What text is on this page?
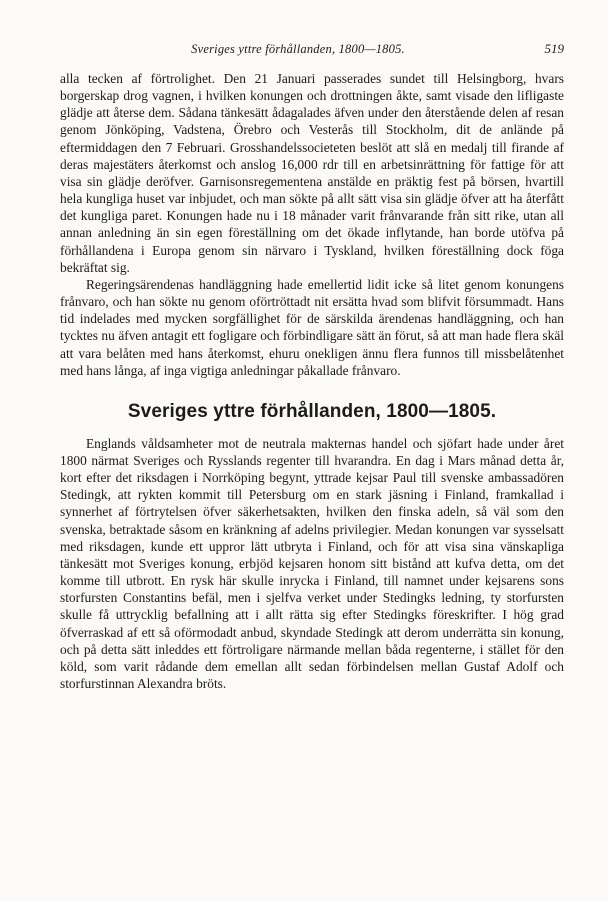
Sveriges yttre förhållanden, 1800—1805.	519

alla tecken af förtrolighet. Den 21 Januari passerades sundet till Helsingborg, hvars borgerskap drog vagnen, i hvilken konungen och drottningen åkte, samt visade den lifligaste glädje att återse dem. Sådana tänkesätt ådagalades äfven under den återstående delen af resan genom Jönköping, Vadstena, Örebro och Vesterås till Stockholm, dit de anlände på eftermiddagen den 7 Februari. Grosshandelssocieteten beslöt att slå en medalj till firande af deras majestäters återkomst och anslog 16,000 rdr till en arbetsinrättning för fattige för att visa sin glädje deröfver. Garnisonsregementena anstälde en präktig fest på börsen, hvartill hela kungliga huset var inbjudet, och man sökte på allt sätt visa sin glädje öfver att ha återfått det kungliga paret. Konungen hade nu i 18 månader varit frånvarande från sitt rike, utan all annan anledning än sin egen föreställning om det ökade inflytande, han borde utöfva på förhållandena i Europa genom sin närvaro i Tyskland, hvilken föreställning dock föga bekräftat sig.

Regeringsärendenas handläggning hade emellertid lidit icke så litet genom konungens frånvaro, och han sökte nu genom oförtröttadt nit ersätta hvad som blifvit försummadt. Hans tid indelades med mycken sorgfällighet för de särskilda ärendenas handläggning, och han tycktes nu äfven antagit ett fogligare och förbindligare sätt än förut, så att man hade flera skäl att vara belåten med hans återkomst, ehuru onekligen ännu flera funnos till missbelåtenhet med hans långa, af inga vigtiga anledningar påkallade frånvaro.

Sveriges yttre förhållanden, 1800—1805.

Englands våldsamheter mot de neutrala makternas handel och sjöfart hade under året 1800 närmat Sveriges och Rysslands regenter till hvarandra. En dag i Mars månad detta år, kort efter det riksdagen i Norrköping begynt, yttrade kejsar Paul till svenske ambassadören Stedingk, att rykten kommit till Petersburg om en stark jäsning i Finland, framkallad i synnerhet af förtrytelsen öfver säkerhetsakten, hvilken den finska adeln, så väl som den svenska, betraktade såsom en kränkning af adelns privilegier. Medan konungen var sysselsatt med riksdagen, kunde ett uppror lätt utbryta i Finland, och för att visa sina vänskapliga tänkesätt mot Sveriges konung, erbjöd kejsaren honom sitt bistånd att kufva detta, om det komme till utbrott. En rysk här skulle inrycka i Finland, till namnet under kejsarens sons storfursten Constantins befäl, men i sjelfva verket under Stedingks ledning, ty storfursten skulle få uttrycklig befallning att i allt rätta sig efter Stedingks föreskrifter. I hög grad öfverraskad af ett så oförmodadt anbud, skyndade Stedingk att derom underrätta sin konung, och på detta sätt inleddes ett förtroligare närmande mellan båda regenterne, i stället för den köld, som varit rådande dem emellan allt sedan förbindelsen mellan Gustaf Adolf och storfurstinnan Alexandra bröts.
